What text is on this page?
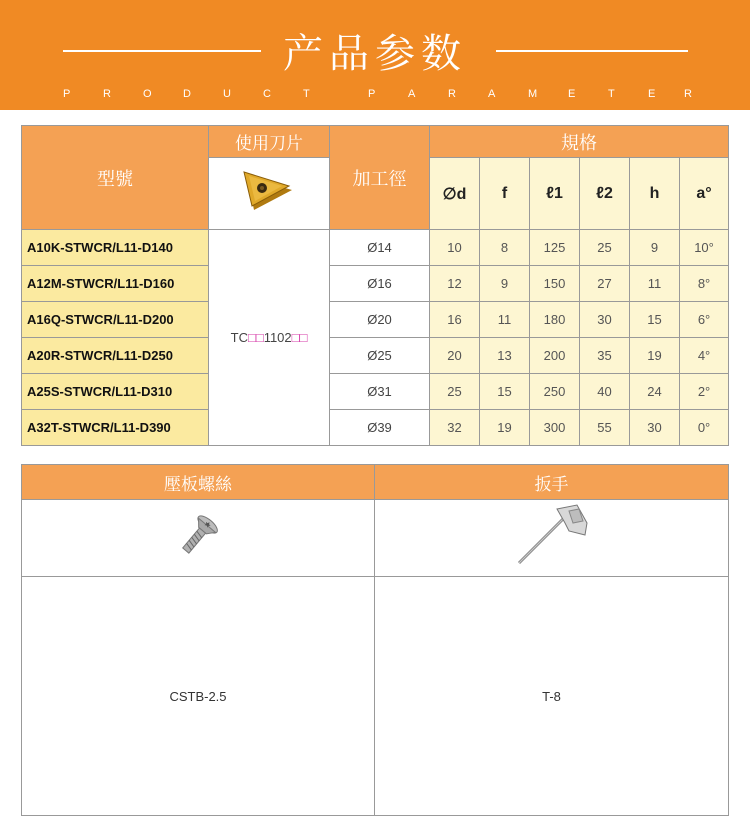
产品参数
P	R	O	D	U	C	T	P	A	R	A	M	E	T	E	R
型號	使用刀片	加工徑	規格					
	∅d	f	ℓ1	ℓ2	h	a°

A10K-STWCR/L11-D140	TC□□1102□□	Ø14	10	8	125	25	9	10°
A12M-STWCR/L11-D160		Ø16	12	9	150	27	11	8°
A16Q-STWCR/L11-D200		Ø20	16	11	180	30	15	6°
A20R-STWCR/L11-D250		Ø25	20	13	200	35	19	4°
A25S-STWCR/L11-D310		Ø31	25	15	250	40	24	2°
A32T-STWCR/L11-D390		Ø39	32	19	300	55	30	0°
壓板螺絲	扳手

CSTB-2.5	T-8
